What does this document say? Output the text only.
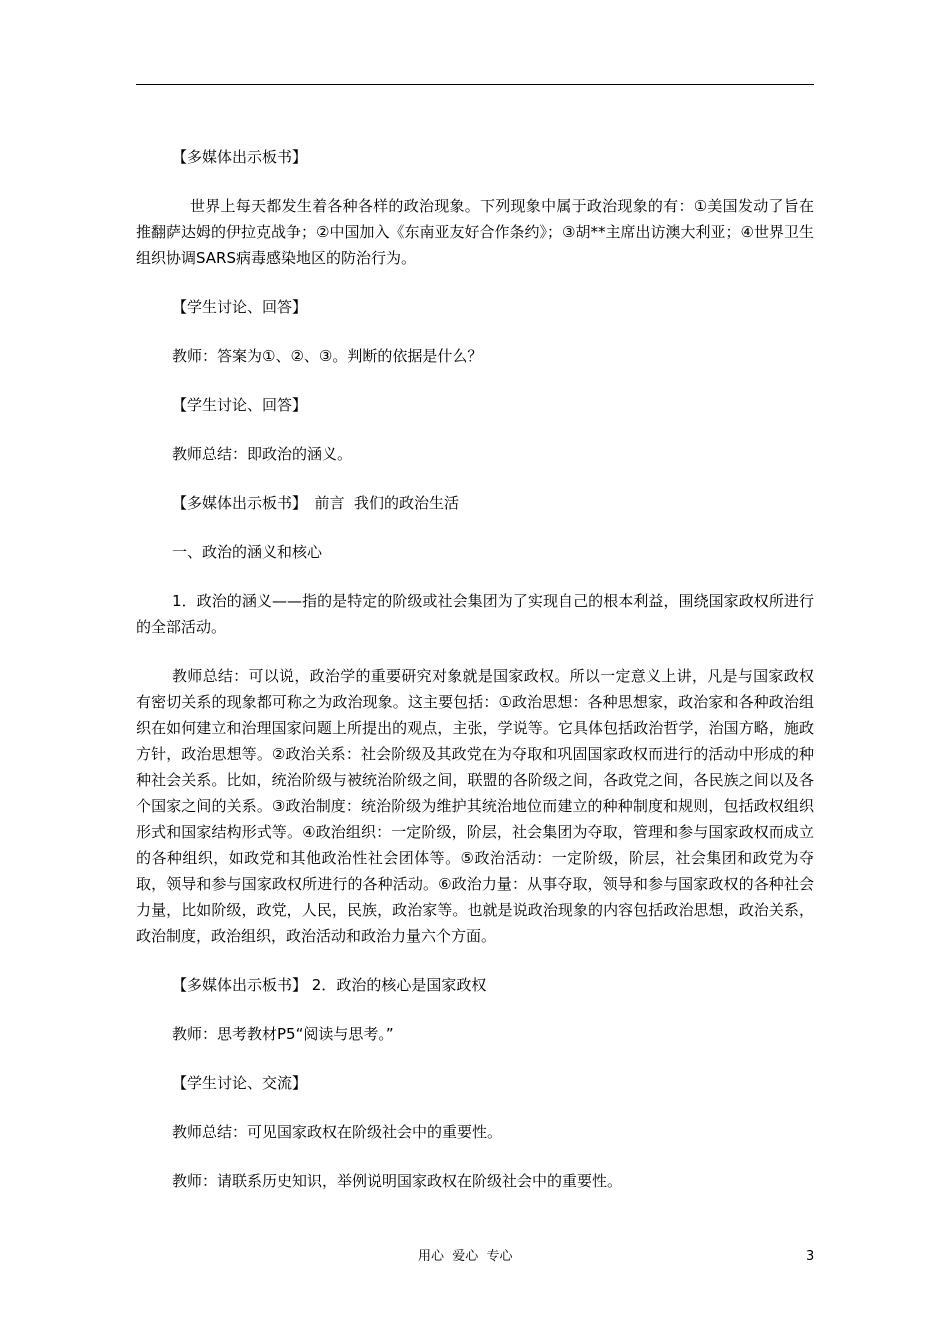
【多媒体出示板书】

世界上每天都发生着各种各样的政治现象。下列现象中属于政治现象的有：①美国发动了旨在推翻萨达姆的伊拉克战争；②中国加入《东南亚友好合作条约》；③胡**主席出访澳大利亚；④世界卫生组织协调SARS病毒感染地区的防治行为。

【学生讨论、回答】

教师：答案为①、②、③。判断的依据是什么？

【学生讨论、回答】

教师总结：即政治的涵义。

【多媒体出示板书】　前言  我们的政治生活

一、政治的涵义和核心

1．政治的涵义——指的是特定的阶级或社会集团为了实现自己的根本利益，围绕国家政权所进行的全部活动。

教师总结：可以说，政治学的重要研究对象就是国家政权。所以一定意义上讲，凡是与国家政权有密切关系的现象都可称之为政治现象。这主要包括：①政治思想：各种思想家，政治家和各种政治组织在如何建立和治理国家问题上所提出的观点，主张，学说等。它具体包括政治哲学，治国方略，施政方针，政治思想等。②政治关系：社会阶级及其政党在为夺取和巩固国家政权而进行的活动中形成的种种社会关系。比如，统治阶级与被统治阶级之间，联盟的各阶级之间，各政党之间，各民族之间以及各个国家之间的关系。③政治制度：统治阶级为维护其统治地位而建立的种种制度和规则，包括政权组织形式和国家结构形式等。④政治组织：一定阶级，阶层，社会集团为夺取，管理和参与国家政权而成立的各种组织，如政党和其他政治性社会团体等。⑤政治活动：一定阶级，阶层，社会集团和政党为夺取，领导和参与国家政权所进行的各种活动。⑥政治力量：从事夺取，领导和参与国家政权的各种社会力量，比如阶级，政党，人民，民族，政治家等。也就是说政治现象的内容包括政治思想，政治关系，政治制度，政治组织，政治活动和政治力量六个方面。

【多媒体出示板书】 2．政治的核心是国家政权

教师：思考教材P5“阅读与思考。”

【学生讨论、交流】

教师总结：可见国家政权在阶级社会中的重要性。

教师：请联系历史知识，举例说明国家政权在阶级社会中的重要性。

用心  爱心  专心	3
